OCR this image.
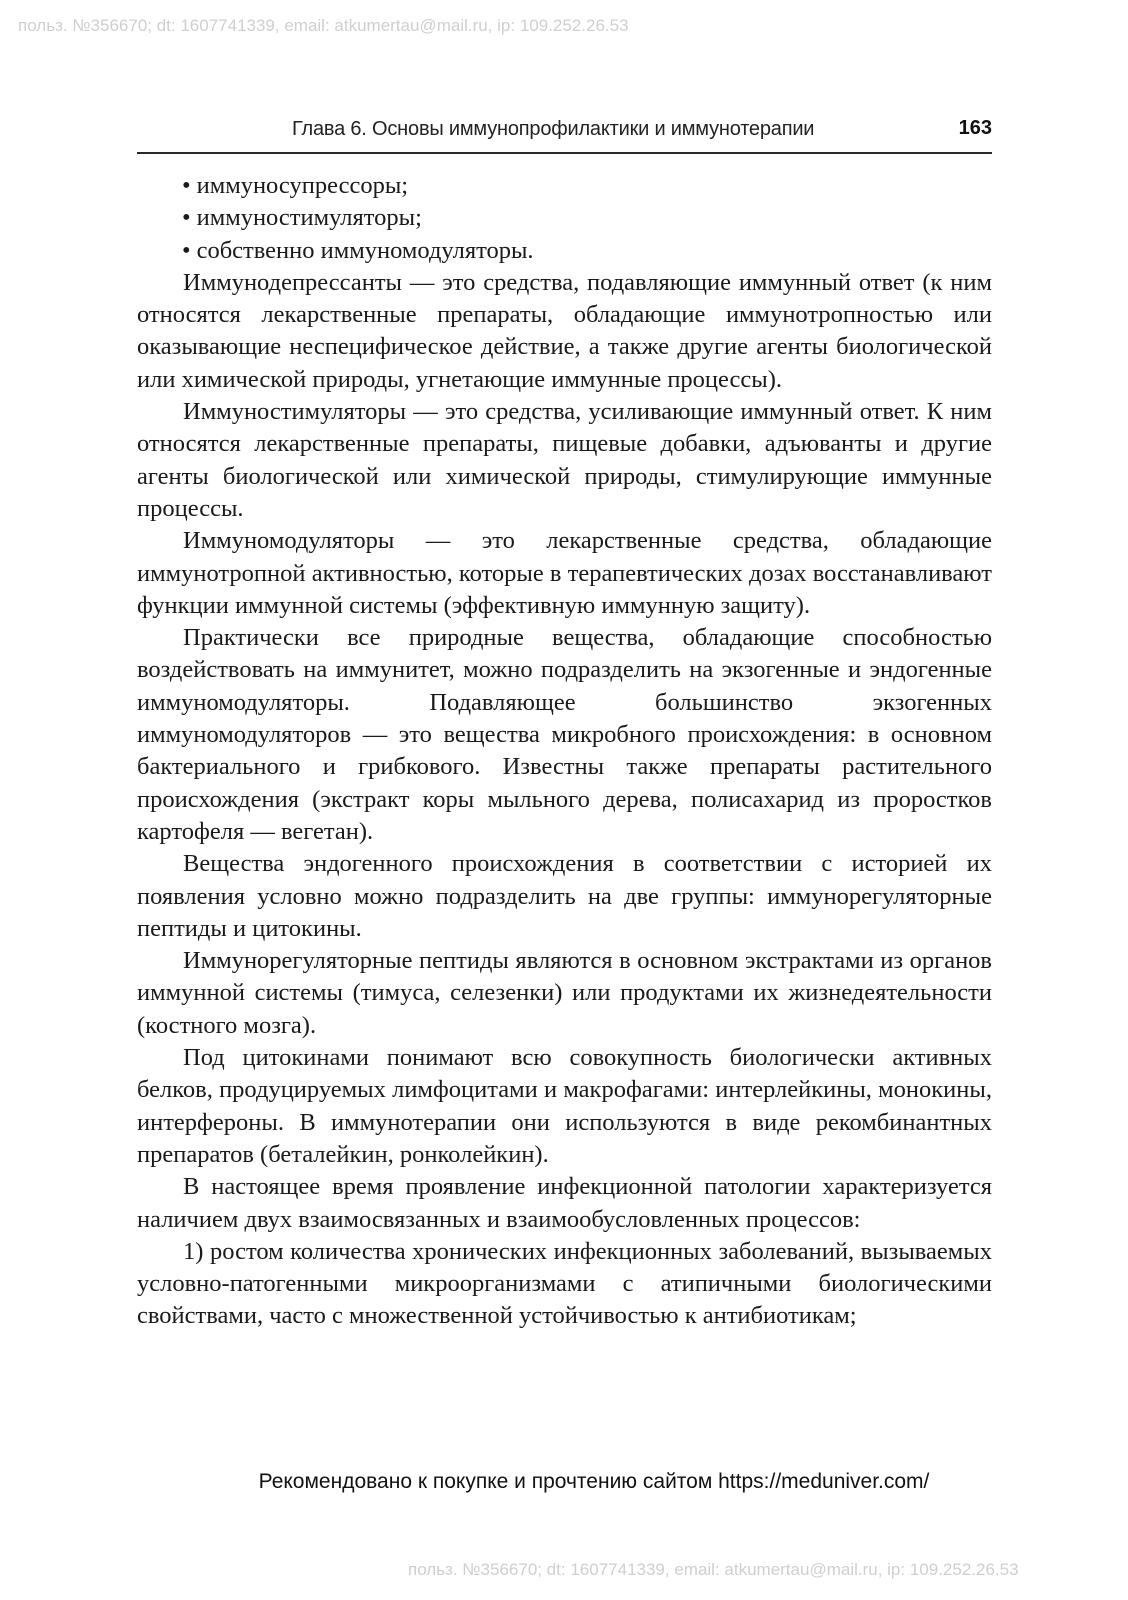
польз. №356670; dt: 1607741339, email: atkumertau@mail.ru, ip: 109.252.26.53
Глава 6. Основы иммунопрофилактики и иммунотерапии	163
• иммуносупрессоры;
• иммуностимуляторы;
• собственно иммуномодуляторы.

Иммунодепрессанты — это средства, подавляющие иммунный ответ (к ним относятся лекарственные препараты, обладающие иммунотропностью или оказывающие неспецифическое действие, а также другие агенты биологической или химической природы, угнетающие иммунные процессы).

Иммуностимуляторы — это средства, усиливающие иммунный ответ. К ним относятся лекарственные препараты, пищевые добавки, адъюванты и другие агенты биологической или химической природы, стимулирующие иммунные процессы.

Иммуномодуляторы — это лекарственные средства, обладающие иммунотропной активностью, которые в терапевтических дозах восстанавливают функции иммунной системы (эффективную иммунную защиту).

Практически все природные вещества, обладающие способностью воздействовать на иммунитет, можно подразделить на экзогенные и эндогенные иммуномодуляторы. Подавляющее большинство экзогенных иммуномодуляторов — это вещества микробного происхождения: в основном бактериального и грибкового. Известны также препараты растительного происхождения (экстракт коры мыльного дерева, полисахарид из проростков картофеля — вегетан).

Вещества эндогенного происхождения в соответствии с историей их появления условно можно подразделить на две группы: иммунорегуляторные пептиды и цитокины.

Иммунорегуляторные пептиды являются в основном экстрактами из органов иммунной системы (тимуса, селезенки) или продуктами их жизнедеятельности (костного мозга).

Под цитокинами понимают всю совокупность биологически активных белков, продуцируемых лимфоцитами и макрофагами: интерлейкины, монокины, интерфероны. В иммунотерапии они используются в виде рекомбинантных препаратов (беталейкин, ронколейкин).

В настоящее время проявление инфекционной патологии характеризуется наличием двух взаимосвязанных и взаимообусловленных процессов:

1) ростом количества хронических инфекционных заболеваний, вызываемых условно-патогенными микроорганизмами с атипичными биологическими свойствами, часто с множественной устойчивостью к антибиотикам;

Рекомендовано к покупке и прочтению сайтом https://meduniver.com/
польз. №356670; dt: 1607741339, email: atkumertau@mail.ru, ip: 109.252.26.53
